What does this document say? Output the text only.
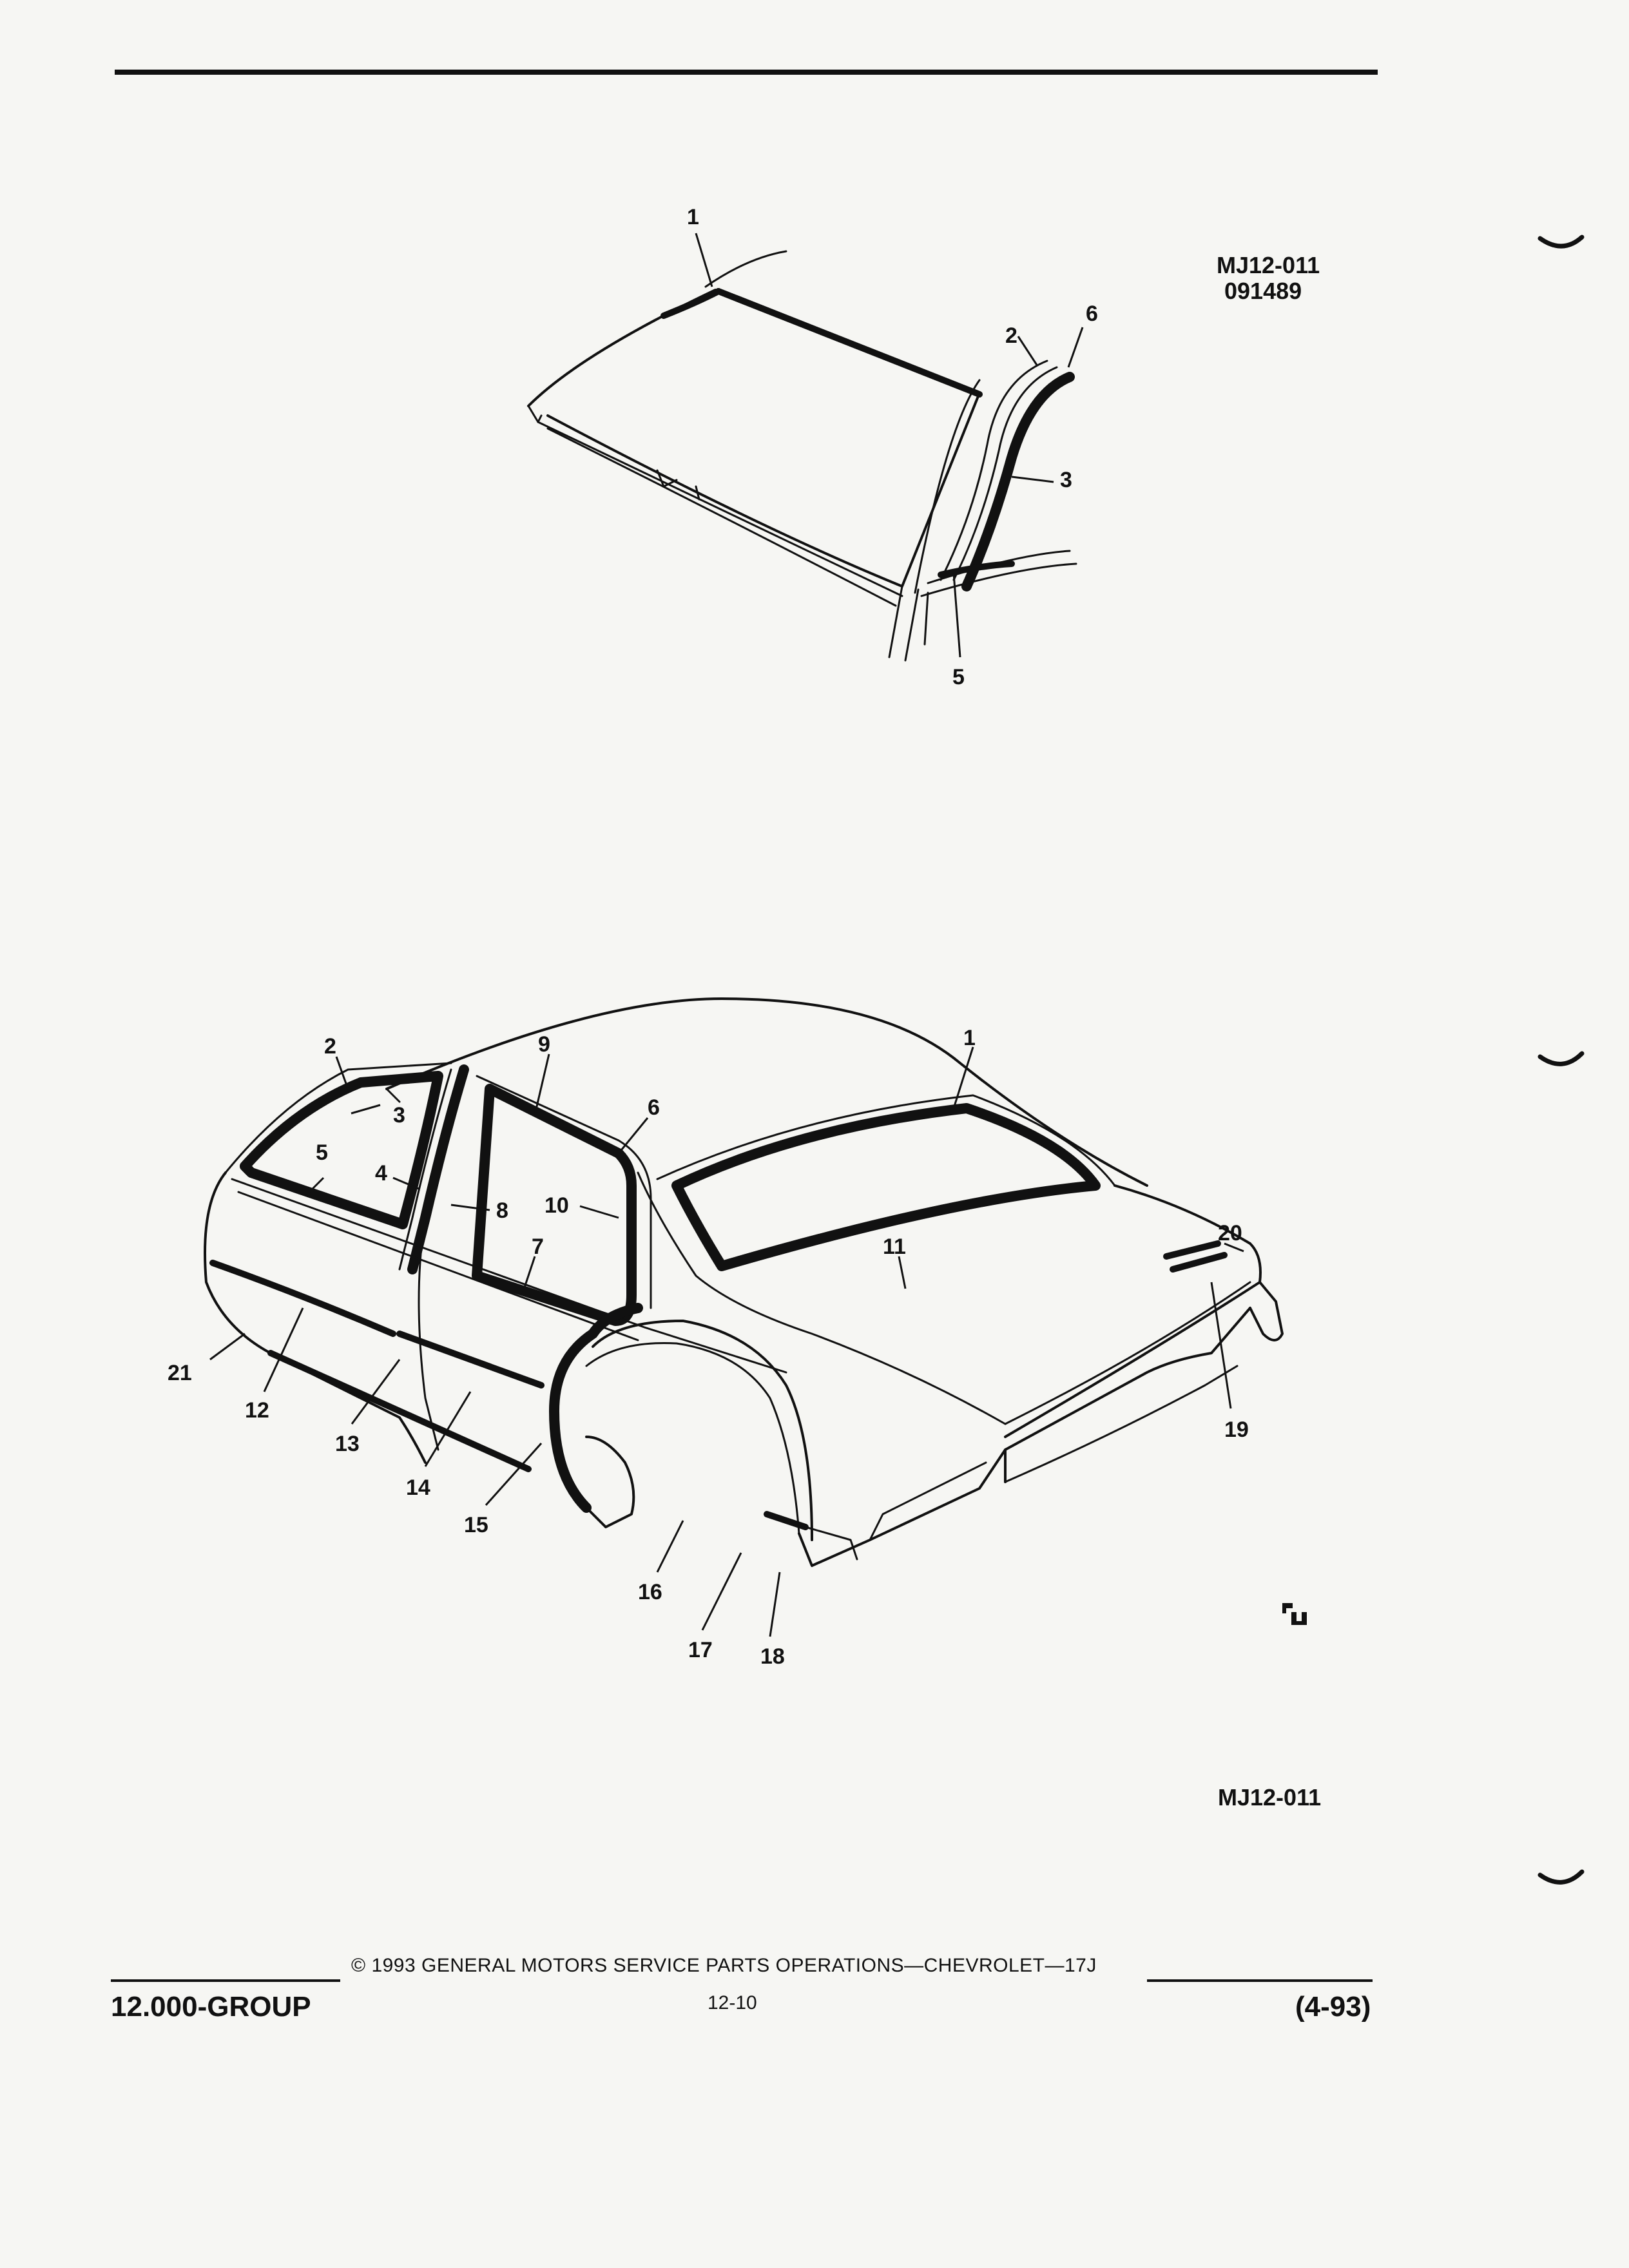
MJ12-011
091489
1
2
3
5
6
1
2
3
4
5
6
7
8
9
10
11
12
13
14
15
16
17 18
19
20
21
MJ12-011
© 1993 GENERAL MOTORS SERVICE PARTS OPERATIONS—CHEVROLET—17J
12.000-GROUP	12-10	(4-93)
